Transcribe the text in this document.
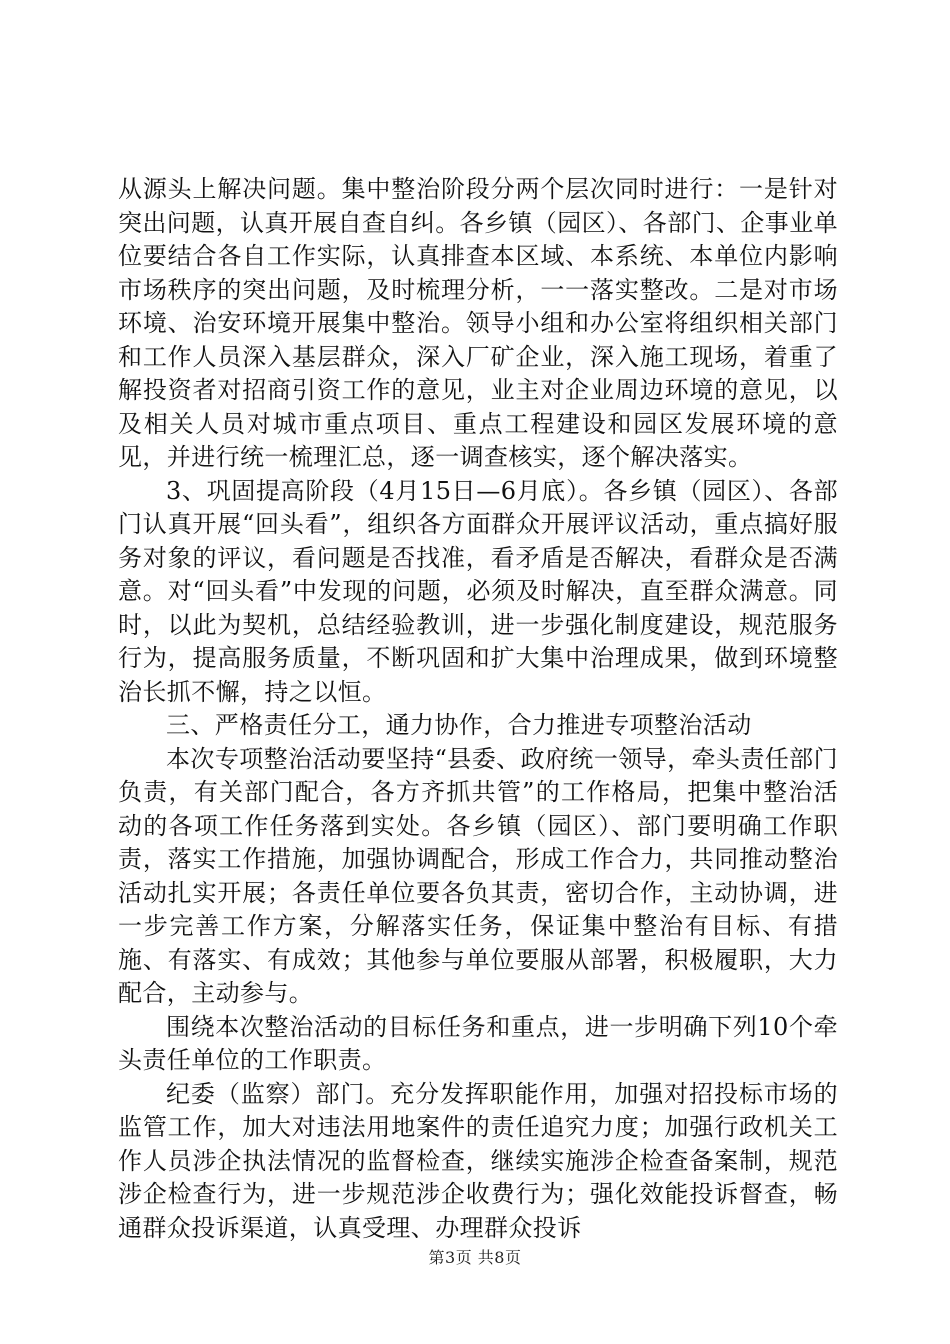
从源头上解决问题。集中整治阶段分两个层次同时进行：一是针对突出问题，认真开展自查自纠。各乡镇（园区）、各部门、企事业单位要结合各自工作实际，认真排查本区域、本系统、本单位内影响市场秩序的突出问题，及时梳理分析，一一落实整改。二是对市场环境、治安环境开展集中整治。领导小组和办公室将组织相关部门和工作人员深入基层群众，深入厂矿企业，深入施工现场，着重了解投资者对招商引资工作的意见，业主对企业周边环境的意见，以及相关人员对城市重点项目、重点工程建设和园区发展环境的意见，并进行统一梳理汇总，逐一调查核实，逐个解决落实。

3、巩固提高阶段（4月15日—6月底）。各乡镇（园区）、各部门认真开展“回头看”，组织各方面群众开展评议活动，重点搞好服务对象的评议，看问题是否找准，看矛盾是否解决，看群众是否满意。对“回头看”中发现的问题，必须及时解决，直至群众满意。同时，以此为契机，总结经验教训，进一步强化制度建设，规范服务行为，提高服务质量，不断巩固和扩大集中治理成果，做到环境整治长抓不懈，持之以恒。

三、严格责任分工，通力协作，合力推进专项整治活动

本次专项整治活动要坚持“县委、政府统一领导，牵头责任部门负责，有关部门配合，各方齐抓共管”的工作格局，把集中整治活动的各项工作任务落到实处。各乡镇（园区）、部门要明确工作职责，落实工作措施，加强协调配合，形成工作合力，共同推动整治活动扎实开展；各责任单位要各负其责，密切合作，主动协调，进一步完善工作方案，分解落实任务，保证集中整治有目标、有措施、有落实、有成效；其他参与单位要服从部署，积极履职，大力配合，主动参与。

围绕本次整治活动的目标任务和重点，进一步明确下列10个牵头责任单位的工作职责。

纪委（监察）部门。充分发挥职能作用，加强对招投标市场的监管工作，加大对违法用地案件的责任追究力度；加强行政机关工作人员涉企执法情况的监督检查，继续实施涉企检查备案制，规范涉企检查行为，进一步规范涉企收费行为；强化效能投诉督查，畅通群众投诉渠道，认真受理、办理群众投诉

第3页 共8页
